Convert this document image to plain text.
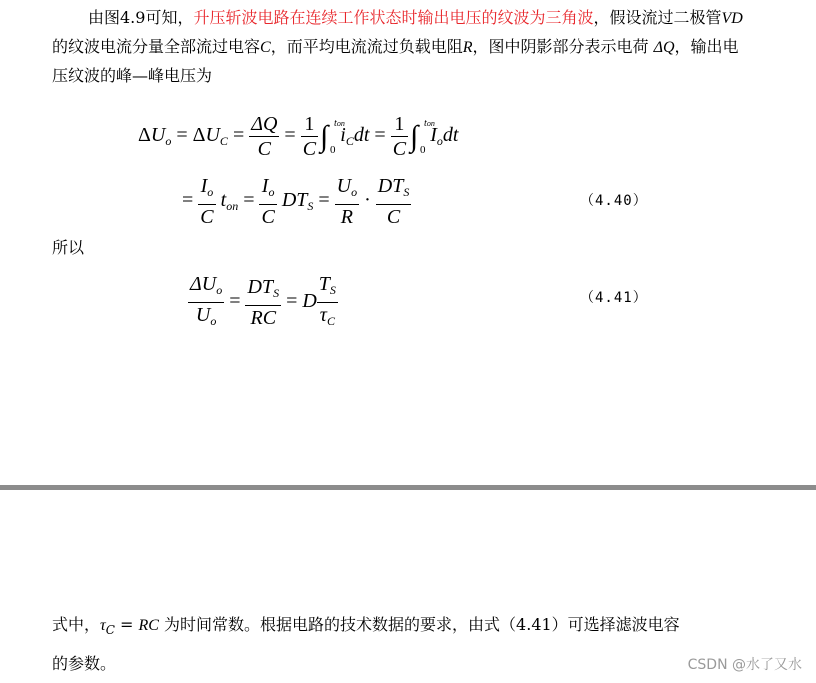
由图4.9可知，升压斩波电路在连续工作状态时输出电压的纹波为三角波，假设流过二极管VD的纹波电流分量全部流过电容C，而平均电流流过负载电阻R，图中阴影部分表示电荷 ΔQ，输出电压纹波的峰—峰电压为
$\Delta U_o = \Delta U_C = \frac{\Delta Q}{C} = \frac{1}{C}$ ∫ ton
0
$i_Cdt = \frac{1}{C}$ ∫ ton
0
$I_odt$
= $\frac{I_o}{C} t_{on} = \frac{I_o}{C} DT_S = \frac{U_o}{R} \cdot \frac{DT_S}{C}$	（4.40）
所以
$\frac{\Delta U_o}{U_o} = \frac{DT_S}{RC} = D \frac{T_S}{\tau_C}$	（4.41）
式中，$\tau_C$ = RC 为时间常数。根据电路的技术数据的要求，由式（4.41）可选择滤波电容
的参数。	CSDN @水了又水
